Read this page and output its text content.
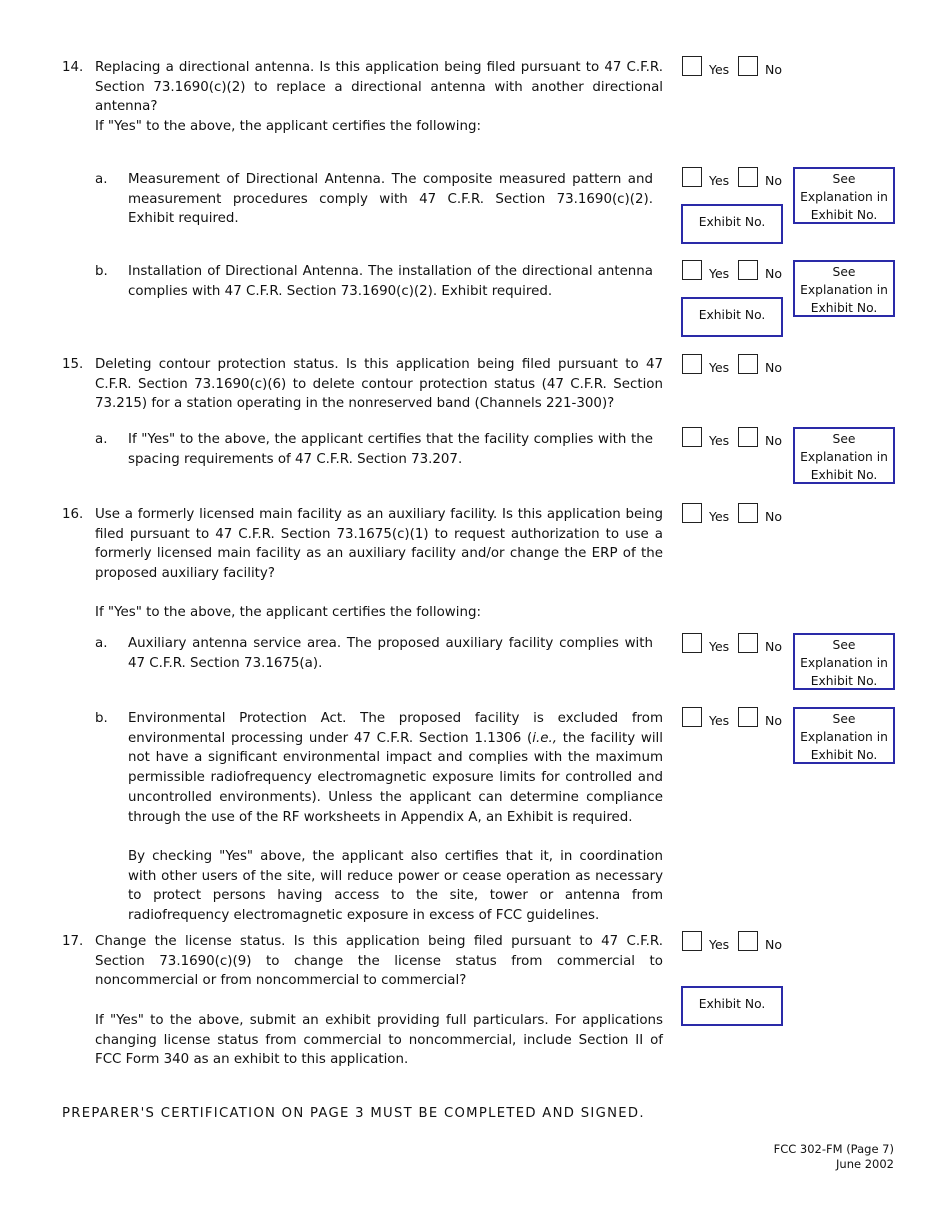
14. Replacing a directional antenna. Is this application being filed pursuant to 47 C.F.R. Section 73.1690(c)(2) to replace a directional antenna with another directional antenna?
Yes	No
If "Yes" to the above, the applicant certifies the following:
a. Measurement of Directional Antenna. The composite measured pattern and measurement procedures comply with 47 C.F.R. Section 73.1690(c)(2). Exhibit required.
Yes	No	See Explanation in Exhibit No.
Exhibit No.
b. Installation of Directional Antenna. The installation of the directional antenna complies with 47 C.F.R. Section 73.1690(c)(2). Exhibit required.
Yes	No	See Explanation in Exhibit No.
Exhibit No.
15. Deleting contour protection status. Is this application being filed pursuant to 47 C.F.R. Section 73.1690(c)(6) to delete contour protection status (47 C.F.R. Section 73.215) for a station operating in the nonreserved band (Channels 221-300)?
Yes	No
a. If "Yes" to the above, the applicant certifies that the facility complies with the spacing requirements of 47 C.F.R. Section 73.207.
Yes	No	See Explanation in Exhibit No.
16. Use a formerly licensed main facility as an auxiliary facility. Is this application being filed pursuant to 47 C.F.R. Section 73.1675(c)(1) to request authorization to use a formerly licensed main facility as an auxiliary facility and/or change the ERP of the proposed auxiliary facility?
Yes	No
If "Yes" to the above, the applicant certifies the following:
a. Auxiliary antenna service area. The proposed auxiliary facility complies with 47 C.F.R. Section 73.1675(a).
Yes	No	See Explanation in Exhibit No.
b. Environmental Protection Act. The proposed facility is excluded from environmental processing under 47 C.F.R. Section 1.1306 (i.e., the facility will not have a significant environmental impact and complies with the maximum permissible radiofrequency electromagnetic exposure limits for controlled and uncontrolled environments). Unless the applicant can determine compliance through the use of the RF worksheets in Appendix A, an Exhibit is required.
Yes	No	See Explanation in Exhibit No.
By checking "Yes" above, the applicant also certifies that it, in coordination with other users of the site, will reduce power or cease operation as necessary to protect persons having access to the site, tower or antenna from radiofrequency electromagnetic exposure in excess of FCC guidelines.
17. Change the license status. Is this application being filed pursuant to 47 C.F.R. Section 73.1690(c)(9) to change the license status from commercial to noncommercial or from noncommercial to commercial?
Yes	No
Exhibit No.
If "Yes" to the above, submit an exhibit providing full particulars. For applications changing license status from commercial to noncommercial, include Section II of FCC Form 340 as an exhibit to this application.
PREPARER'S CERTIFICATION ON PAGE 3 MUST BE COMPLETED AND SIGNED.
FCC 302-FM (Page 7)
June 2002
